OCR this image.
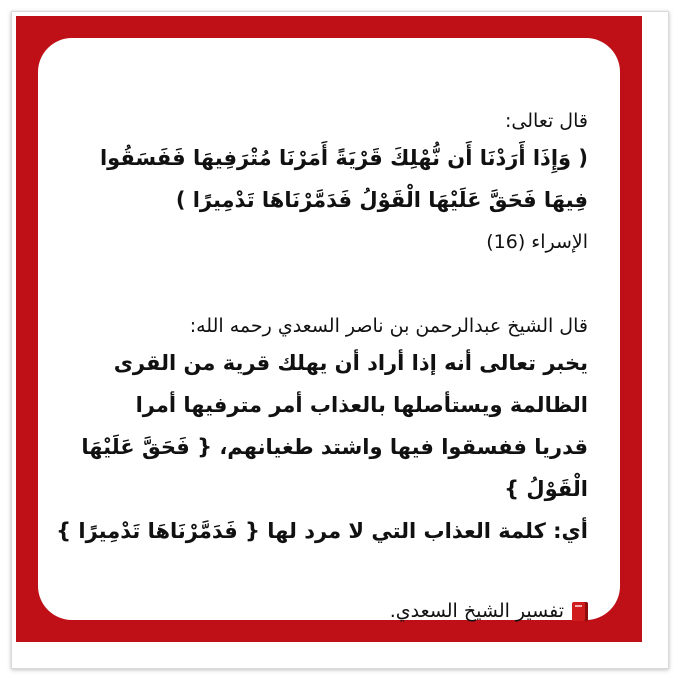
قال تعالى:

( وَإِذَا أَرَدْنَا أَن نُّهْلِكَ قَرْيَةً أَمَرْنَا مُتْرَفِيهَا فَفَسَقُوا

فِيهَا فَحَقَّ عَلَيْهَا الْقَوْلُ فَدَمَّرْنَاهَا تَدْمِيرًا )

الإسراء (16)

قال الشيخ عبدالرحمن بن ناصر السعدي رحمه الله:

يخبر تعالى أنه إذا أراد أن يهلك قرية من القرى

الظالمة ويستأصلها بالعذاب أمر مترفيها أمرا

قدريا ففسقوا فيها واشتد طغيانهم، { فَحَقَّ عَلَيْهَا

الْقَوْلُ }

أي: كلمة العذاب التي لا مرد لها { فَدَمَّرْنَاهَا تَدْمِيرًا }

تفسير الشيخ السعدي.
